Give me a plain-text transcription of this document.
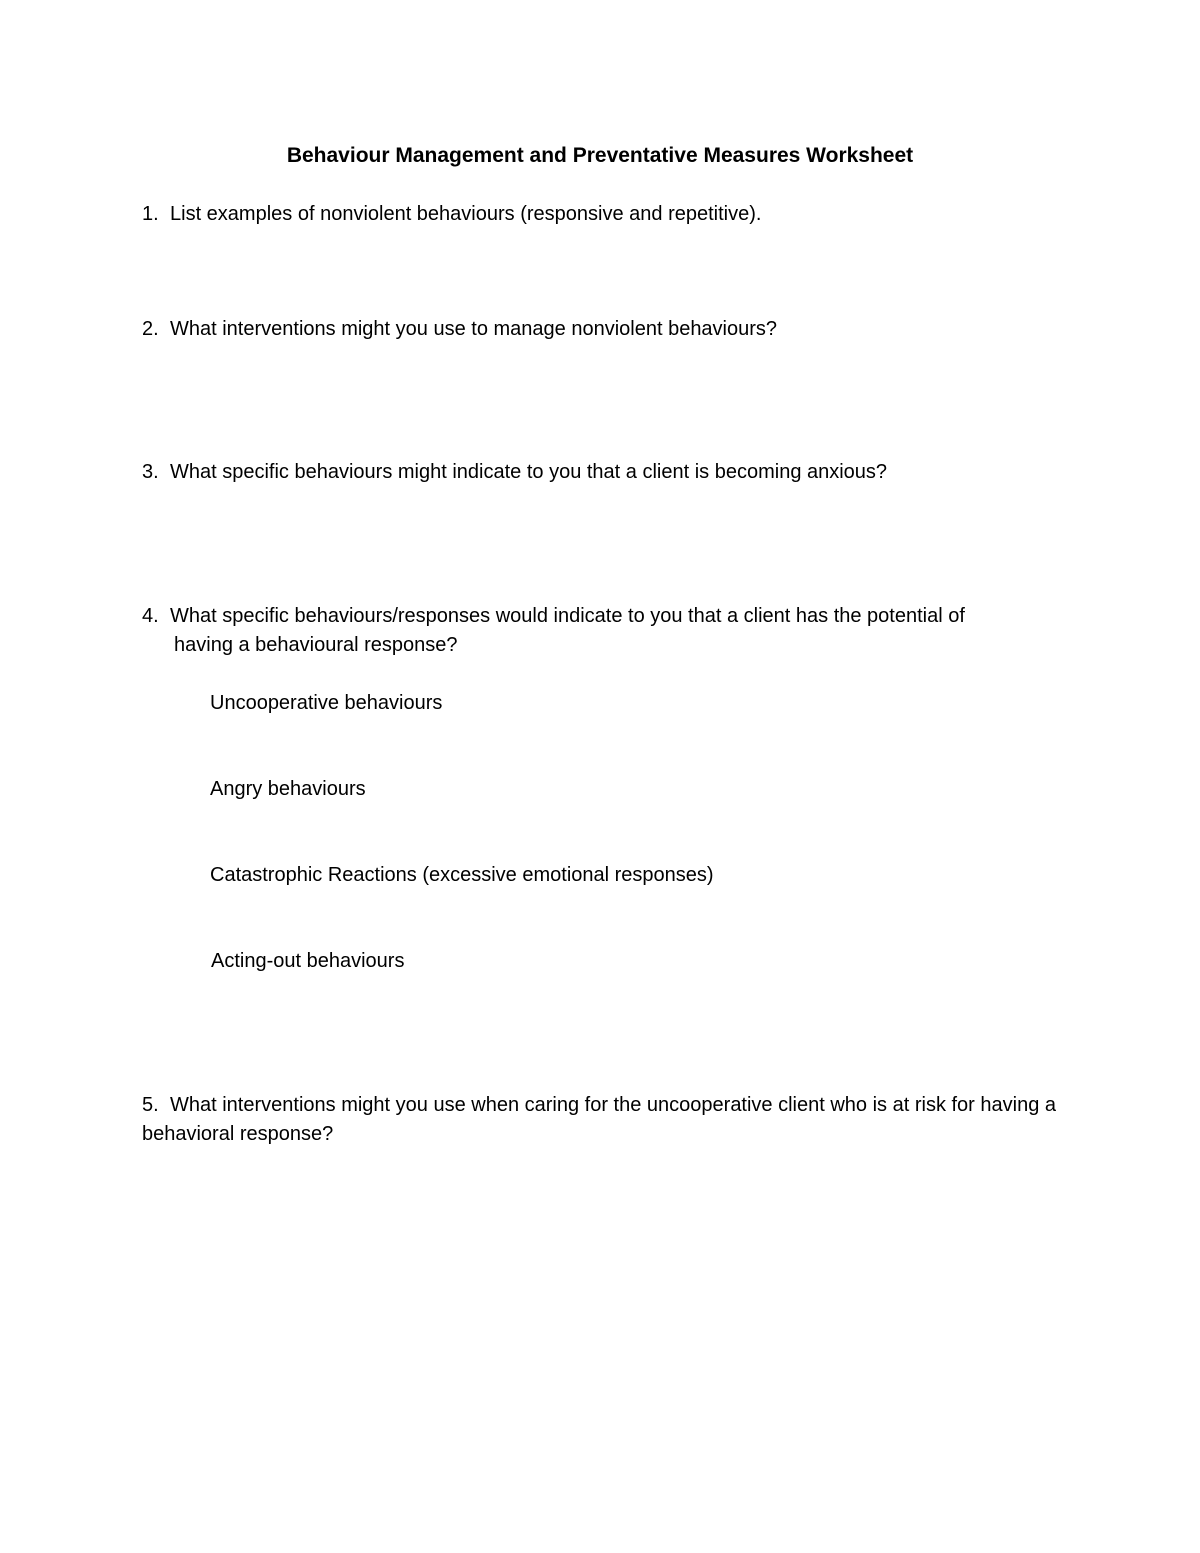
Behaviour Management and Preventative Measures Worksheet
1. List examples of nonviolent behaviours (responsive and repetitive).
2. What interventions might you use to manage nonviolent behaviours?
3. What specific behaviours might indicate to you that a client is becoming anxious?
4. What specific behaviours/responses would indicate to you that a client has the potential of
having a behavioural response?
Uncooperative behaviours
Angry behaviours
Catastrophic Reactions (excessive emotional responses)
Acting-out behaviours
5. What interventions might you use when caring for the uncooperative client who is at risk for having a behavioral response?
